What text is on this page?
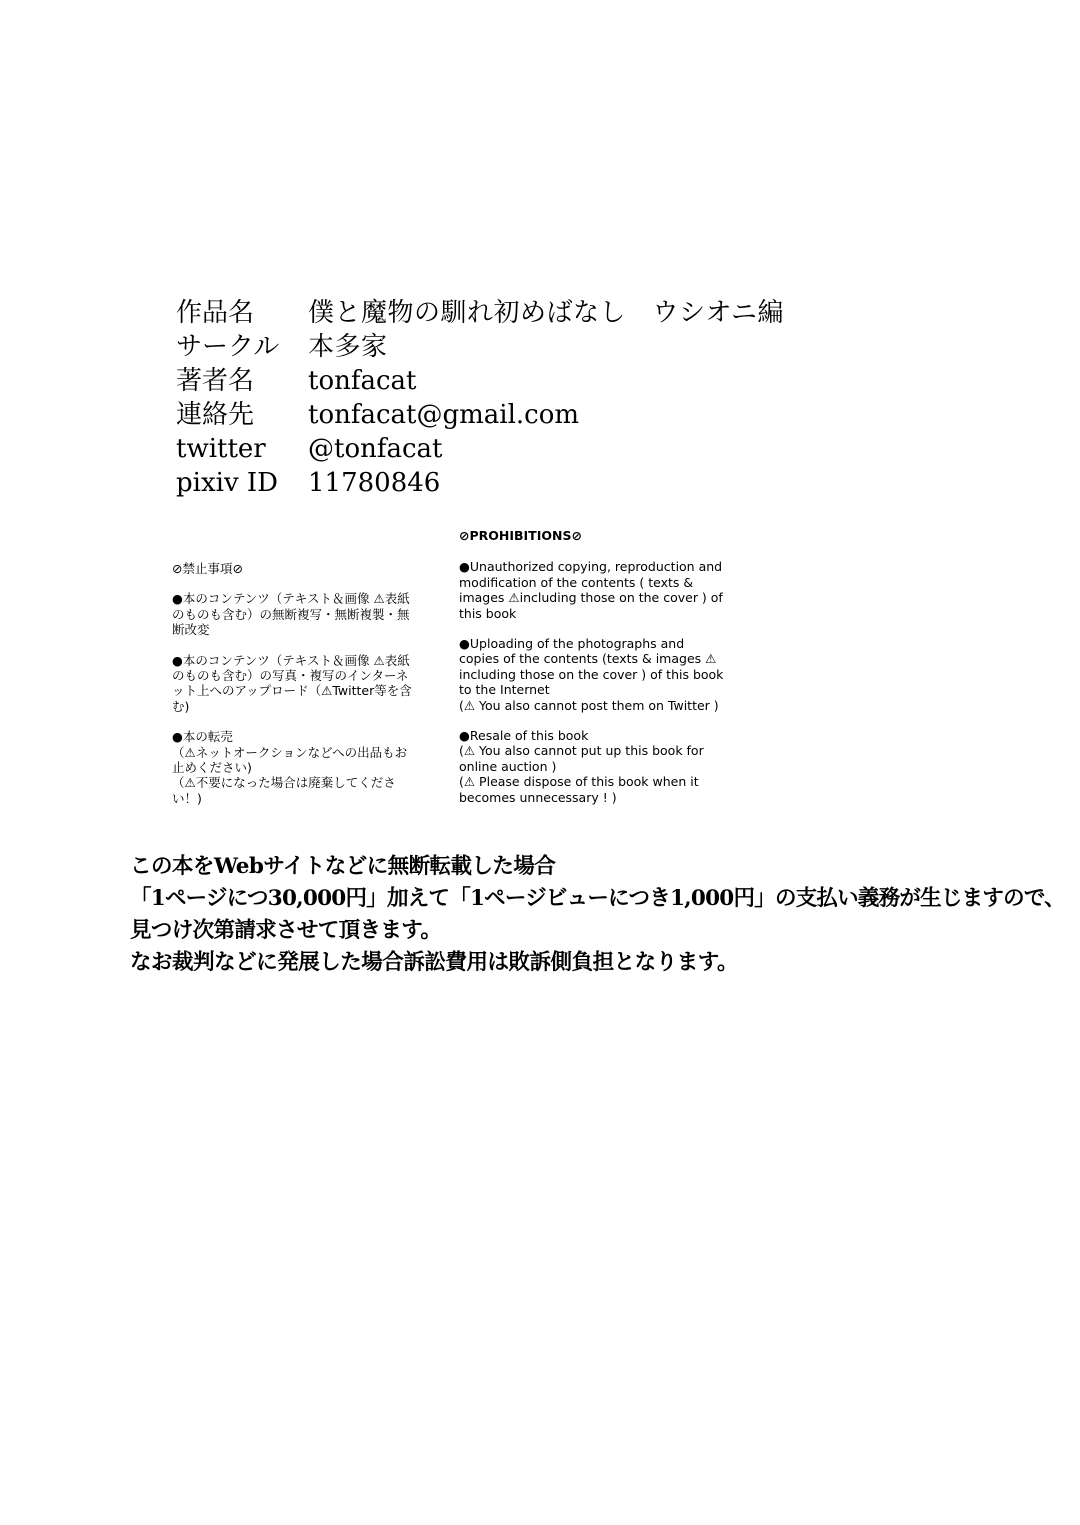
作品名	僕と魔物の馴れ初めばなし　ウシオニ編
サークル	本多家
著者名	tonfacat
連絡先	tonfacat@gmail.com
twitter	@tonfacat
pixiv ID	11780846
⊘禁止事項⊘
●本のコンテンツ（テキスト＆画像 ⚠表紙のものも含む）の無断複写・無断複製・無断改変
●本のコンテンツ（テキスト＆画像 ⚠表紙のものも含む）の写真・複写のインターネット上へのアップロード（⚠Twitter等を含む)
●本の転売
（⚠ネットオークションなどへの出品もお止めください)
（⚠不要になった場合は廃棄してください！)
⊘PROHIBITIONS⊘
●Unauthorized copying, reproduction and modification of the contents ( texts & images ⚠including those on the cover ) of this book
●Uploading of the photographs and copies of the contents (texts & images ⚠ including those on the cover ) of this book to the Internet
(⚠ You also cannot post them on Twitter )
●Resale of this book
(⚠ You also cannot put up this book for online auction )
(⚠ Please dispose of this book when it becomes unnecessary ! )
この本をWebサイトなどに無断転載した場合
「1ページにつ30,000円」加えて「1ページビューにつき1,000円」の支払い義務が生じますので、
見つけ次第請求させて頂きます。
なお裁判などに発展した場合訴訟費用は敗訴側負担となります。
